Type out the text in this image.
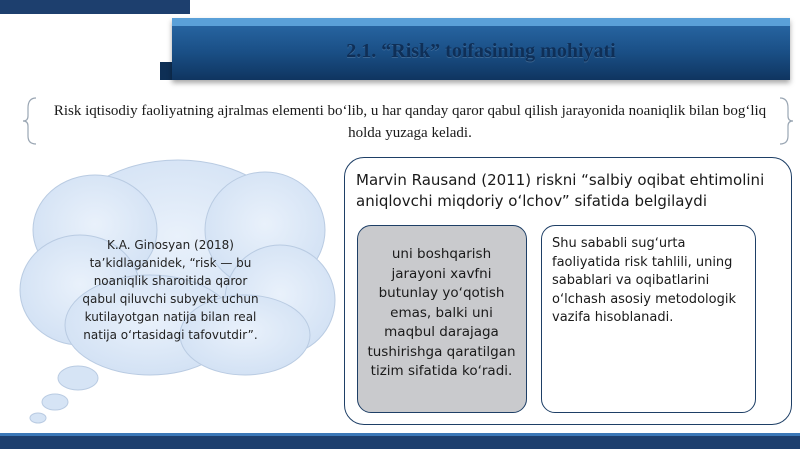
2.1. “Risk” toifasining mohiyati
Risk iqtisodiy faoliyatning ajralmas elementi boʻlib, u har qanday qaror qabul qilish jarayonida noaniqlik bilan bogʻliq holda yuzaga keladi.
K.A. Ginosyan (2018) ta’kidlaganidek, “risk — bu noaniqlik sharoitida qaror qabul qiluvchi subyekt uchun kutilayotgan natija bilan real natija oʻrtasidagi tafovutdir”.
Marvin Rausand (2011) riskni “salbiy oqibat ehtimolini aniqlovchi miqdoriy oʻlchov” sifatida belgilaydi
uni boshqarish jarayoni xavfni butunlay yoʻqotish emas, balki uni maqbul darajaga tushirishga qaratilgan tizim sifatida koʻradi.
Shu sababli sugʻurta faoliyatida risk tahlili, uning sabablari va oqibatlarini oʻlchash asosiy metodologik vazifa hisoblanadi.
